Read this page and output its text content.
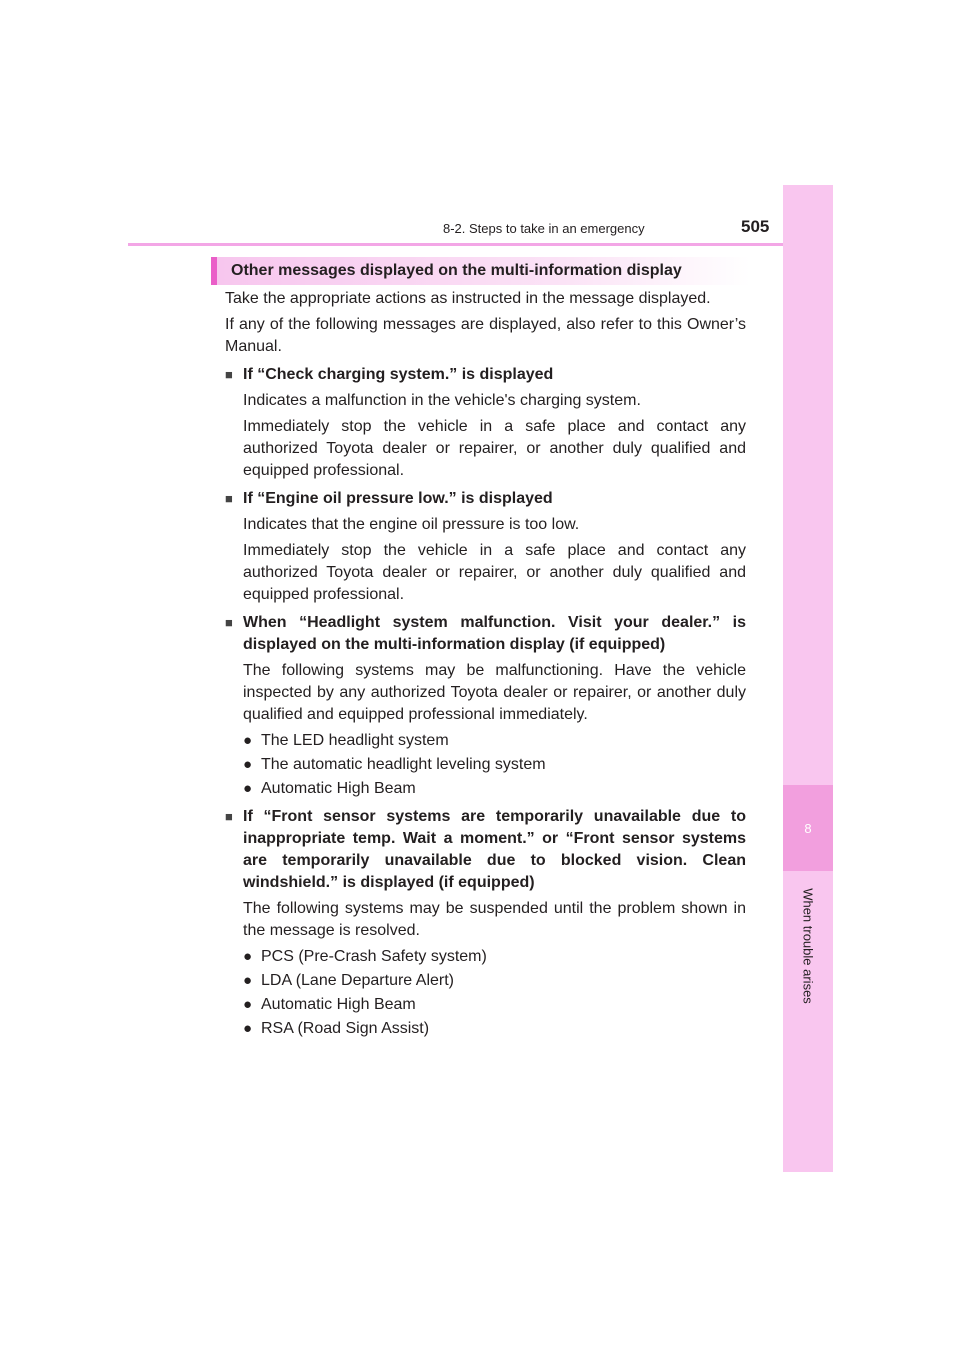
8-2. Steps to take in an emergency	505
8
When trouble arises
Other messages displayed on the multi-information display

Take the appropriate actions as instructed in the message displayed.

If any of the following messages are displayed, also refer to this Owner’s Manual.

■ If “Check charging system.” is displayed

Indicates a malfunction in the vehicle's charging system.

Immediately stop the vehicle in a safe place and contact any authorized Toyota dealer or repairer, or another duly qualified and equipped professional.

■ If “Engine oil pressure low.” is displayed

Indicates that the engine oil pressure is too low.

Immediately stop the vehicle in a safe place and contact any authorized Toyota dealer or repairer, or another duly qualified and equipped professional.

■ When “Headlight system malfunction. Visit your dealer.” is displayed on the multi-information display (if equipped)

The following systems may be malfunctioning. Have the vehicle inspected by any authorized Toyota dealer or repairer, or another duly qualified and equipped professional immediately.

● The LED headlight system
● The automatic headlight leveling system
● Automatic High Beam
■ If “Front sensor systems are temporarily unavailable due to inappropriate temp. Wait a moment.” or “Front sensor systems are temporarily unavailable due to blocked vision. Clean windshield.” is displayed (if equipped)

The following systems may be suspended until the problem shown in the message is resolved.

● PCS (Pre-Crash Safety system)
● LDA (Lane Departure Alert)
● Automatic High Beam
● RSA (Road Sign Assist)
